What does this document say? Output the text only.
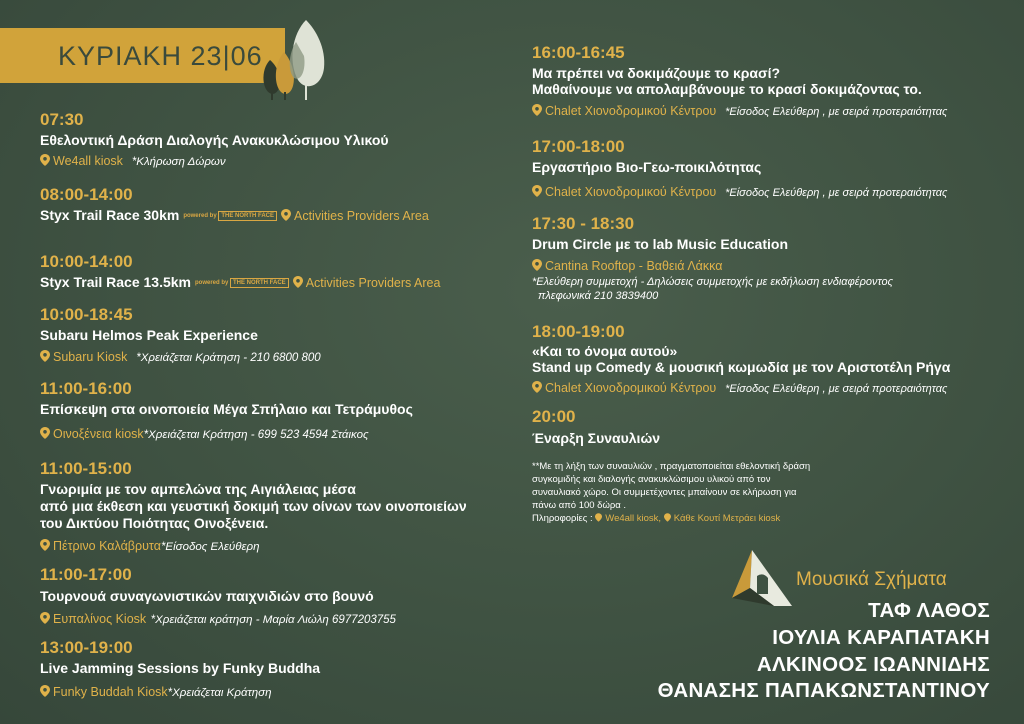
ΚΥΡΙΑΚΗ 23|06
07:30
Εθελοντική Δράση Διαλογής Ανακυκλώσιμου Υλικού
We4all kiosk *Κλήρωση Δώρων
08:00-14:00
Styx Trail Race 30km powered by THE NORTH FACE Activities Providers Area
10:00-14:00
Styx Trail Race 13.5km powered by THE NORTH FACE Activities Providers Area
10:00-18:45
Subaru Helmos Peak Experience
Subaru Kiosk *Χρειάζεται Κράτηση - 210 6800 800
11:00-16:00
Επίσκεψη στα οινοποιεία Μέγα Σπήλαιο και Τετράμυθος
Οινοξένεια kiosk*Χρειάζεται Κράτηση - 699 523 4594 Στάικος
11:00-15:00
Γνωριμία με τον αμπελώνα της Αιγιάλειας μέσα
από μια έκθεση και γευστική δοκιμή των οίνων των οινοποιείων
του Δικτύου Ποιότητας Οινοξένεια.
Πέτρινο Καλάβρυτα*Είσοδος Ελεύθερη
11:00-17:00
Τουρνουά συναγωνιστικών παιχνιδιών στο βουνό
Ευπαλίνος Kiosk *Χρειάζεται κράτηση - Μαρία Λιώλη 6977203755
13:00-19:00
Live Jamming Sessions by Funky Buddha
Funky Buddah Kiosk*Χρειάζεται Κράτηση
16:00-16:45
Μα πρέπει να δοκιμάζουμε το κρασί?
Μαθαίνουμε να απολαμβάνουμε το κρασί δοκιμάζοντας το.
Chalet Χιονοδρομικού Κέντρου *Είσοδος Ελεύθερη , με σειρά προτεραιότητας
17:00-18:00
Εργαστήριο Βιο-Γεω-ποικιλότητας
Chalet Χιονοδρομικού Κέντρου *Είσοδος Ελεύθερη , με σειρά προτεραιότητας
17:30 - 18:30
Drum Circle με το lab Music Education
Cantina Rooftop - Βαθειά Λάκκα
*Ελεύθερη συμμετοχή - Δηλώσεις συμμετοχής με εκδήλωση ενδιαφέροντος
πλεφωνικά 210 3839400
18:00-19:00
«Και το όνομα αυτού»
Stand up Comedy & μουσική κωμωδία με τον Αριστοτέλη Ρήγα
Chalet Χιονοδρομικού Κέντρου *Είσοδος Ελεύθερη , με σειρά προτεραιότητας
20:00
Έναρξη Συναυλιών
**Με τη λήξη των συναυλιών , πραγματοποιείται εθελοντική δράση
συγκομιδής και διαλογής ανακυκλώσιμου υλικού από τον
συναυλιακό χώρο. Οι συμμετέχοντες μπαίνουν σε κλήρωση για
πάνω από 100 δώρα .
Πληροφορίες : We4all kiosk, Κάθε Κουτί Μετράει kiosk
Μουσικά Σχήματα
ΤΑΦ ΛΑΘΟΣ
ΙΟΥΛΙΑ ΚΑΡΑΠΑΤΑΚΗ
ΑΛΚΙΝΟΟΣ ΙΩΑΝΝΙΔΗΣ
ΘΑΝΑΣΗΣ ΠΑΠΑΚΩΝΣΤΑΝΤΙΝΟΥ
